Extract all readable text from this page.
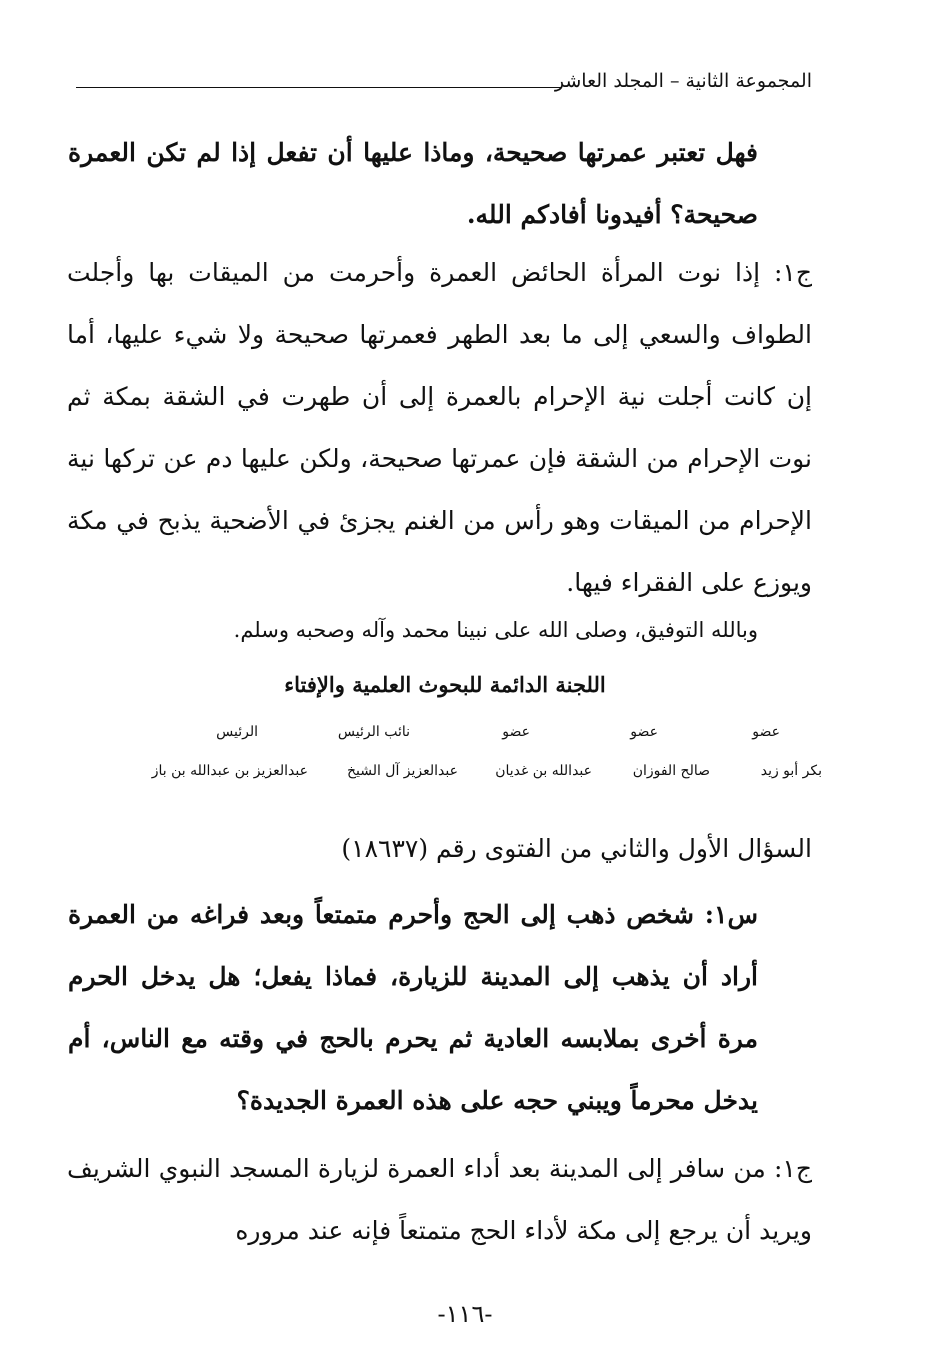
المجموعة الثانية – المجلد العاشر

فهل تعتبر عمرتها صحيحة، وماذا عليها أن تفعل إذا لم تكن العمرة صحيحة؟ أفيدونا أفادكم الله.

ج١: إذا نوت المرأة الحائض العمرة وأحرمت من الميقات بها وأجلت الطواف والسعي إلى ما بعد الطهر فعمرتها صحيحة ولا شيء عليها، أما إن كانت أجلت نية الإحرام بالعمرة إلى أن طهرت في الشقة بمكة ثم نوت الإحرام من الشقة فإن عمرتها صحيحة، ولكن عليها دم عن تركها نية الإحرام من الميقات وهو رأس من الغنم يجزئ في الأضحية يذبح في مكة ويوزع على الفقراء فيها.

وبالله التوفيق، وصلى الله على نبينا محمد وآله وصحبه وسلم.
اللجنة الدائمة للبحوث العلمية والإفتاء
عضو
عضو
عضو
نائب الرئيس
الرئيس
بكر أبو زيد
صالح الفوزان
عبدالله بن غديان
عبدالعزيز آل الشيخ
عبدالعزيز بن عبدالله بن باز
السؤال الأول والثاني من الفتوى رقم (١٨٦٣٧)

س١: شخص ذهب إلى الحج وأحرم متمتعاً وبعد فراغه من العمرة أراد أن يذهب إلى المدينة للزيارة، فماذا يفعل؛ هل يدخل الحرم مرة أخرى بملابسه العادية ثم يحرم بالحج في وقته مع الناس، أم يدخل محرماً ويبني حجه على هذه العمرة الجديدة؟

ج١: من سافر إلى المدينة بعد أداء العمرة لزيارة المسجد النبوي الشريف ويريد أن يرجع إلى مكة لأداء الحج متمتعاً فإنه عند مروره

-١١٦-
